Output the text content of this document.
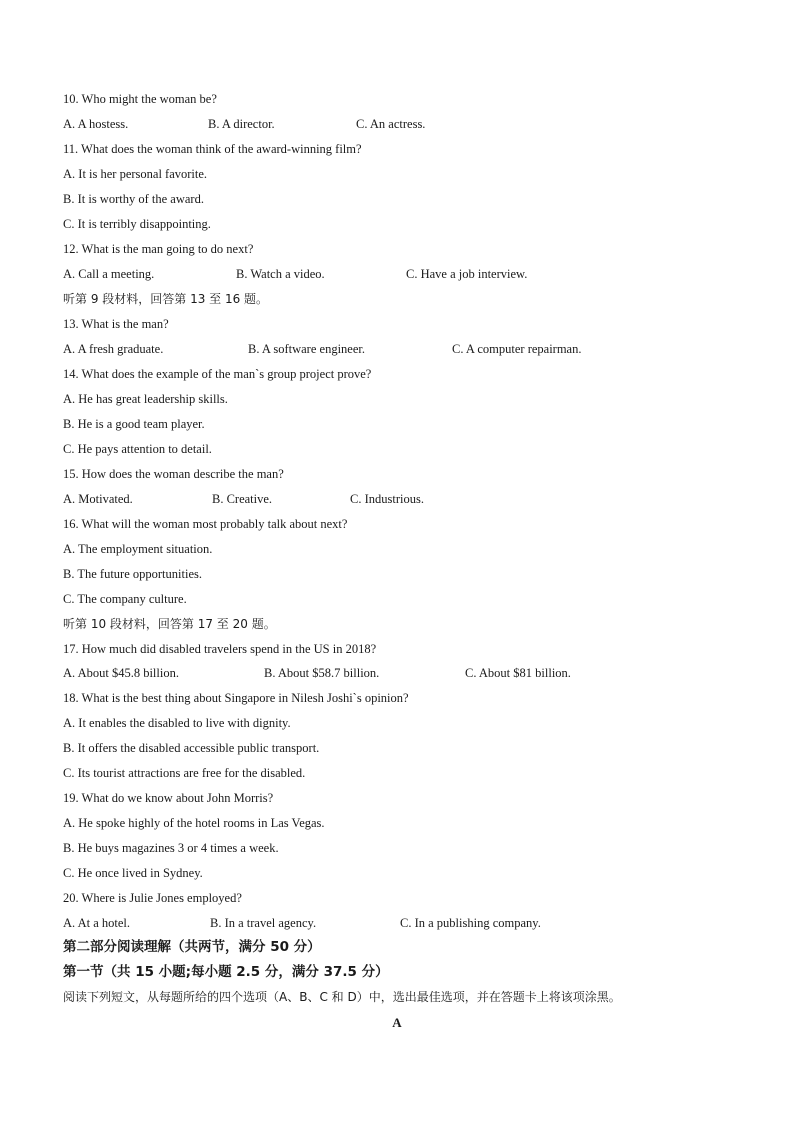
10. Who might the woman be?
A. A hostess.	B. A director.	C. An actress.
11. What does the woman think of the award-winning film?
A. It is her personal favorite.
B. It is worthy of the award.
C. It is terribly disappointing.
12. What is the man going to do next?
A. Call a meeting.	B. Watch a video.	C. Have a job interview.
听第 9 段材料，回答第 13 至 16 题。
13. What is the man?
A. A fresh graduate.	B. A software engineer.	C. A computer repairman.
14. What does the example of the man`s group project prove?
A. He has great leadership skills.
B. He is a good team player.
C. He pays attention to detail.
15. How does the woman describe the man?
A. Motivated.	B. Creative.	C. Industrious.
16. What will the woman most probably talk about next?
A. The employment situation.
B. The future opportunities.
C. The company culture.
听第 10 段材料，回答第 17 至 20 题。
17. How much did disabled travelers spend in the US in 2018?
A. About $45.8 billion.	B. About $58.7 billion.	C. About $81 billion.
18. What is the best thing about Singapore in Nilesh Joshi`s opinion?
A. It enables the disabled to live with dignity.
B. It offers the disabled accessible public transport.
C. Its tourist attractions are free for the disabled.
19. What do we know about John Morris?
A. He spoke highly of the hotel rooms in Las Vegas.
B. He buys magazines 3 or 4 times a week.
C. He once lived in Sydney.
20. Where is Julie Jones employed?
A. At a hotel.	B. In a travel agency.	C. In a publishing company.
第二部分阅读理解（共两节，满分 50 分）
第一节（共 15 小题;每小题 2.5 分，满分 37.5 分）
阅读下列短文，从每题所给的四个选项（A、B、C 和 D）中，选出最佳选项，并在答题卡上将该项涂黑。
A
